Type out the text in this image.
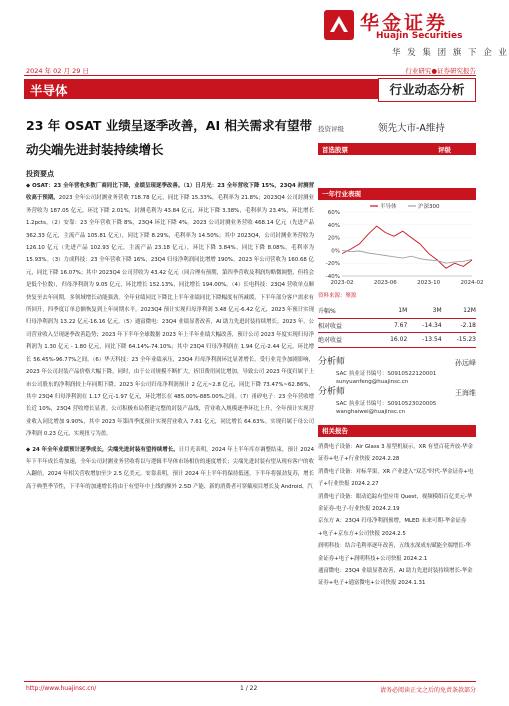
华金证券
Huajin Securities
华 发 集 团 旗 下 企 业
2024 年 02 月 29 日	行业研究●证券研究报告
半导体	行业动态分析
23 年 OSAT 业绩呈逐季改善，AI 相关需求有望带动尖端先进封装持续增长
投资评级	领先大市-A维持
首选股票	评级
投资要点

◆ OSAT：23 全年营收多数厂商同比下降，业绩呈现逐季改善。（1）日月光：23 全年营收下降 15%，23Q4 封测营收高于预期。2023 全年公司封测业务营收 718.78 亿元，同比下降 15.33%，毛利率为 21.8%；2023Q4 公司封测业务营收为 187.05 亿元，环比下降 2.01%，封测毛利为 43.84 亿元，环比下降 3.38%，毛利率为 23.4%，环比增长 1.2pcts。（2）安靠：23 全年营收下降 8%，23Q4 环比下降 4%。2023 公司封测业务营收 468.14 亿元（先进产品 362.33 亿元，主流产品 105.81 亿元），同比下降 8.29%，毛利率为 14.50%；其中 2023Q4，公司封测业务营收为 126.10 亿元（先进产品 102.93 亿元，主流产品 23.18 亿元），环比下降 3.84%，同比下降 8.08%，毛利率为 15.93%。（3）力成科技：23 全年营收下降 16%，23Q4 归母净利润同比增增 190%。2023 年公司营收为 160.68 亿元，同比下降 16.07%；其中 2023Q4 公司营收为 43.42 亿元（同合理有预期，第四季营收及利润均略微调整，但将会是低个位数），归母净利润为 9.05 亿元，环比增长 152.13%，同比增长 194.00%。（4）长电科技：23Q4 营收单点顺快复至去年同期，多领域增长动能强劲。全年业绩同比下降比上半年业绩同比下降幅度有所减缓，下半年部分客户需求有所回升，四季度订单总额恢复到上年同期水平。2023Q4 预计实现归母净利润 3.48 亿元-6.42 亿元，2023 年预计实现归母净利润为 13.22 亿元-16.16 亿元。（5）通富微电：23Q4 业绩显著改善，AI 助力先进封装持续增长。2023 年，公司营业收入呈现逐季改善趋势；2023 年下半年全球数据 2023 年上半年业绩大幅改善，预计公司 2023 年度实现归母净利润为 1.30 亿元 - 1.80 亿元，同比下降 64.14%-74.10%；其中 23Q4 归母净利润在 1.94 亿元-2.44 亿元，环比增长 56.45%-96.77%之间。（6）华天科技：23 全年业绩承压，23Q4 归母净利润环比显著增长。受行业竞争加剧影响，2023 年公司封装产品价格大幅下降，同时，由于公司规模不断扩大，折旧费用同比增加，导致公司 2023 年度归属于上市公司股东的净利润较上年同期下降。2023 年公司归母净利润预计 2 亿元~2.8 亿元，同比下降 73.47%~62.86%，其中 23Q4 归母净利润在 1.17 亿元-1.97 亿元，环比增长在 485.00%-885.00%之间。（7）甬矽电子：23 全年营收增长近 10%，23Q4 营收增长显著。公司积极布局搭建完整的封装产品线，营业收入规模逐季环比上升，全年预计实现营业收入同比增加 9.90%，其中 2023 年第四季度预计实现营业收入 7.61 亿元，同比增长 64.63%。实现归属于母公司净利润 0.23 亿元，实现扭亏为盈。

◆ 24 年全年业绩预计逐季成长，尖端先进封装有望持续增长。日月光表明，2024 年上半年库存调整结束，预计 2024 年下半年成长将加速，全年公司封测业务营收将以与逻辑半导体市场相仿的速度增长；尖端先进封装有望从现有客户的收入翻倍，2024 年相关营收增加至少 2.5 亿美元。安靠表明，预计 2024 年上半年将保持低迷，下半年将强劲复苏，增长高于典型季节性，下半年的加速增长将由于有望年中上线的额外 2.5D 产能、新的消费者可穿戴项目增长及 Android、汽

一年行业表现
60%
40%
20%
0%
-20%
-40%
2023-02	2023-06	2023-10	2024-02
半导体	沪深300
资料来源：聚源
升幅%	1M	3M	12M
相对收益	7.67	-14.34	-2.18
绝对收益	16.02	-13.54	-15.23
分析师	孙远峰
SAC 执业证书编号：S0910522120001
sunyuanfeng@huajinsc.cn
分析师	王海维
SAC 执业证书编号：S0910523020005
wanghaiwei@huajinsc.cn
相关报告
消费电子设备：Air Glass 3 原型机展示，XR 有望百花齐放-华金证券+电子+行业快报 2024.2.28
消费电子设备：对标苹果，XR 产业进入"双芯"时代-华金证券+电子+行业快报 2024.2.27
消费电子设备：眼动追踪有望应用 Quest，视频模组百亿美元-华金证券-电子-行业快报 2024.2.19
京东方 A：23Q4 归母净利润预增，MLED 未来可期-华金证券+电子+京东方+公司快报 2024.2.5
润明科技：结合毛利率逐年改善，五线水深成东赋能全端增长-华金证券+电子+润明科技+公司快报 2024.2.1
通富微电：23Q4 业绩显著改善，AI 助力先进封装持续增长-华金证券+电子+通富微电+公司快报 2024.1.31
http://www.huajinsc.cn/	1 / 22	请务必阅读正文之后的免责条款部分
